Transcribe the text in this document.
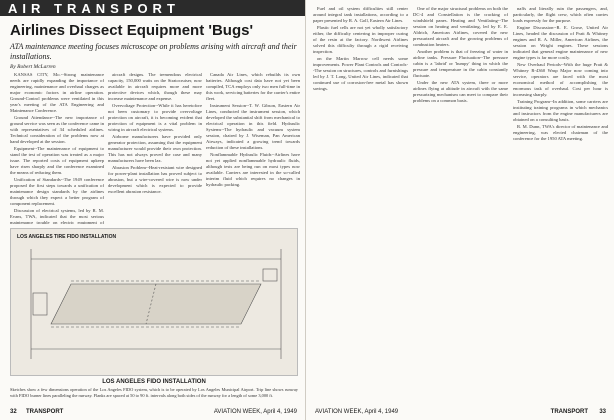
AIR TRANSPORT
Airlines Dissect Equipment 'Bugs'
ATA maintenance meeting focuses microscope on problems arising with aircraft and their installations.
By Robert McLarren

KANSAS CITY, Mo.--Strong maintenance needs are rapidly expanding the importance of engineering, maintenance and overhaul charges as major economic factors in airline operation. Ground-Control problems were ventilated in this year's meeting of the ATA Engineering and Maintenance Conference.

Ground Attendance--The new importance of ground service was seen as the conference came in with representatives of 34 scheduled airlines. Technical consideration of the problems now at hand developed at the session.

Equipment--The maintenance of equipment to stand the test of operation was treated as a major issue. The reported costs of equipment upkeep have risen sharply and the conference examined the means of reducing them.

Unification of Standards--The 1949 conference proposed the first steps towards a unification of maintenance design standards by the airlines through which they expect a better program of component replacement.

Discussion of electrical systems, led by R. M. Evans, TWA, indicated that the most serious maintenance trouble on electric equipment of

aircraft designs. The tremendous electrical capacity, 150,000 watts on the Stratocruiser, now available in aircraft requires more and more protective devices which, though these may increase maintenance and expense.

Overvoltage Protection--While it has heretofore not been customary to provide overvoltage protection on aircraft, it is becoming evident that protection of equipment is a vital problem in wiring in aircraft electrical systems.

Airborne manufacturers have provided only generator protection, assuming that the equipment manufacturer would provide their own protection. This has not always proved the case and many manufacturers have been lax.

Abrasion Problem--Heat-resistant wire designed for power-plant installation has proved subject to abrasion, but a wire-covered wire is now under development which is expected to provide excellent abrasion resistance.

Canada Air Lines, which rebuilds its own batteries. Although cost data have not yet been compiled, TCA employs only two men full-time in this work, servicing batteries for the carrier's entire fleet.

Instrument Session--T. W. Gibson, Eastern Air Lines, conducted the instrument session, which developed the substantial shift from mechanical to electrical operation in this field. Hydraulic Systems--The hydraulic and vacuum system session, chaired by J. Wiseman, Pan American Airways, indicated a growing trend towards reduction of these installations.

Nonflammable Hydraulic Fluids--Airlines have not yet applied nonflammable hydraulic fluids, although tests are being run on most types now available. Carriers are interested in the so-called interim fluid which requires no changes in hydraulic packing.

LOS ANGELES TIRE FIDO INSTALLATION
LOS ANGELES FIDO INSTALLATION
Sketches show a few dimensions operation of the Los Angeles FIDO system, which is to be operated by Los Angeles Municipal Airport. Trip line shows runway with FIDO burner lines paralleling the runway. Flanks are spaced at 50 to 90 ft. intervals along both sides of the runway for a length of some 3,000 ft.
32 TRANSPORT	AVIATION WEEK, April 4, 1949

Fuel and oil system difficulties still center around integral tank installations, according to a paper presented by R. A. Goll, Eastern Air Lines.

Plastic fuel cells are not yet wholly satisfactory either, the difficulty centering in improper curing of the resin at the factory. Northwest Airlines solved this difficulty through a rigid receiving inspection.

on the Martin Marrow cell needs some improvements. Power Plant Controls and Controls--The session on structures, controls and furnishings led by J. T. Long, United Air Lines, indicated that continued use of corrosion-free metal has shown savings.

One of the major structural problems on both the DC-4 and Constellation is the cracking of windshield panes. Heating and Ventilating--The session on heating and ventilating, led by E. E. Aldrich, American Airlines, covered the new pressurized aircraft and the growing problems of combustion heaters.

Another problem is that of freezing of water in airline tanks. Pressure Fluctuation--The pressure cabin is a 'labrid' or 'humpy' thing in which the pressure and temperature in the cabin constantly fluctuate.

Under the new ATA system, three or more airlines flying at altitude in aircraft with the same pressurizing mechanism can meet to compare their problems on a common basis.

naffs and literally ruin the passengers, and, particularly, the flight crew, which often carries loads expressly for the purpose.

Engine Discussion--R. E. Grose, United Air Lines, headed the discussion of Pratt & Whitney engines and R. A. Miller, American Airlines, the session on Wright engines. These sessions indicated that general engine maintenance of new engine types is far more costly.

New Overhaul Periods--With the huge Pratt & Whitney R-4360 Wasp Major now coming into service, operators are faced with the most economical method of accomplishing the enormous task of overhaul. Cost per hour is increasing sharply.

Training Program--In addition, some carriers are instituting training programs in which mechanics and instructors from the engine manufacturers are obtained on a consulting basis.

R. M. Dunn, TWA's director of maintenance and engineering, was elected chairman of the conference for the 1950 ATA meeting.

AVIATION WEEK, April 4, 1949	TRANSPORT 33
